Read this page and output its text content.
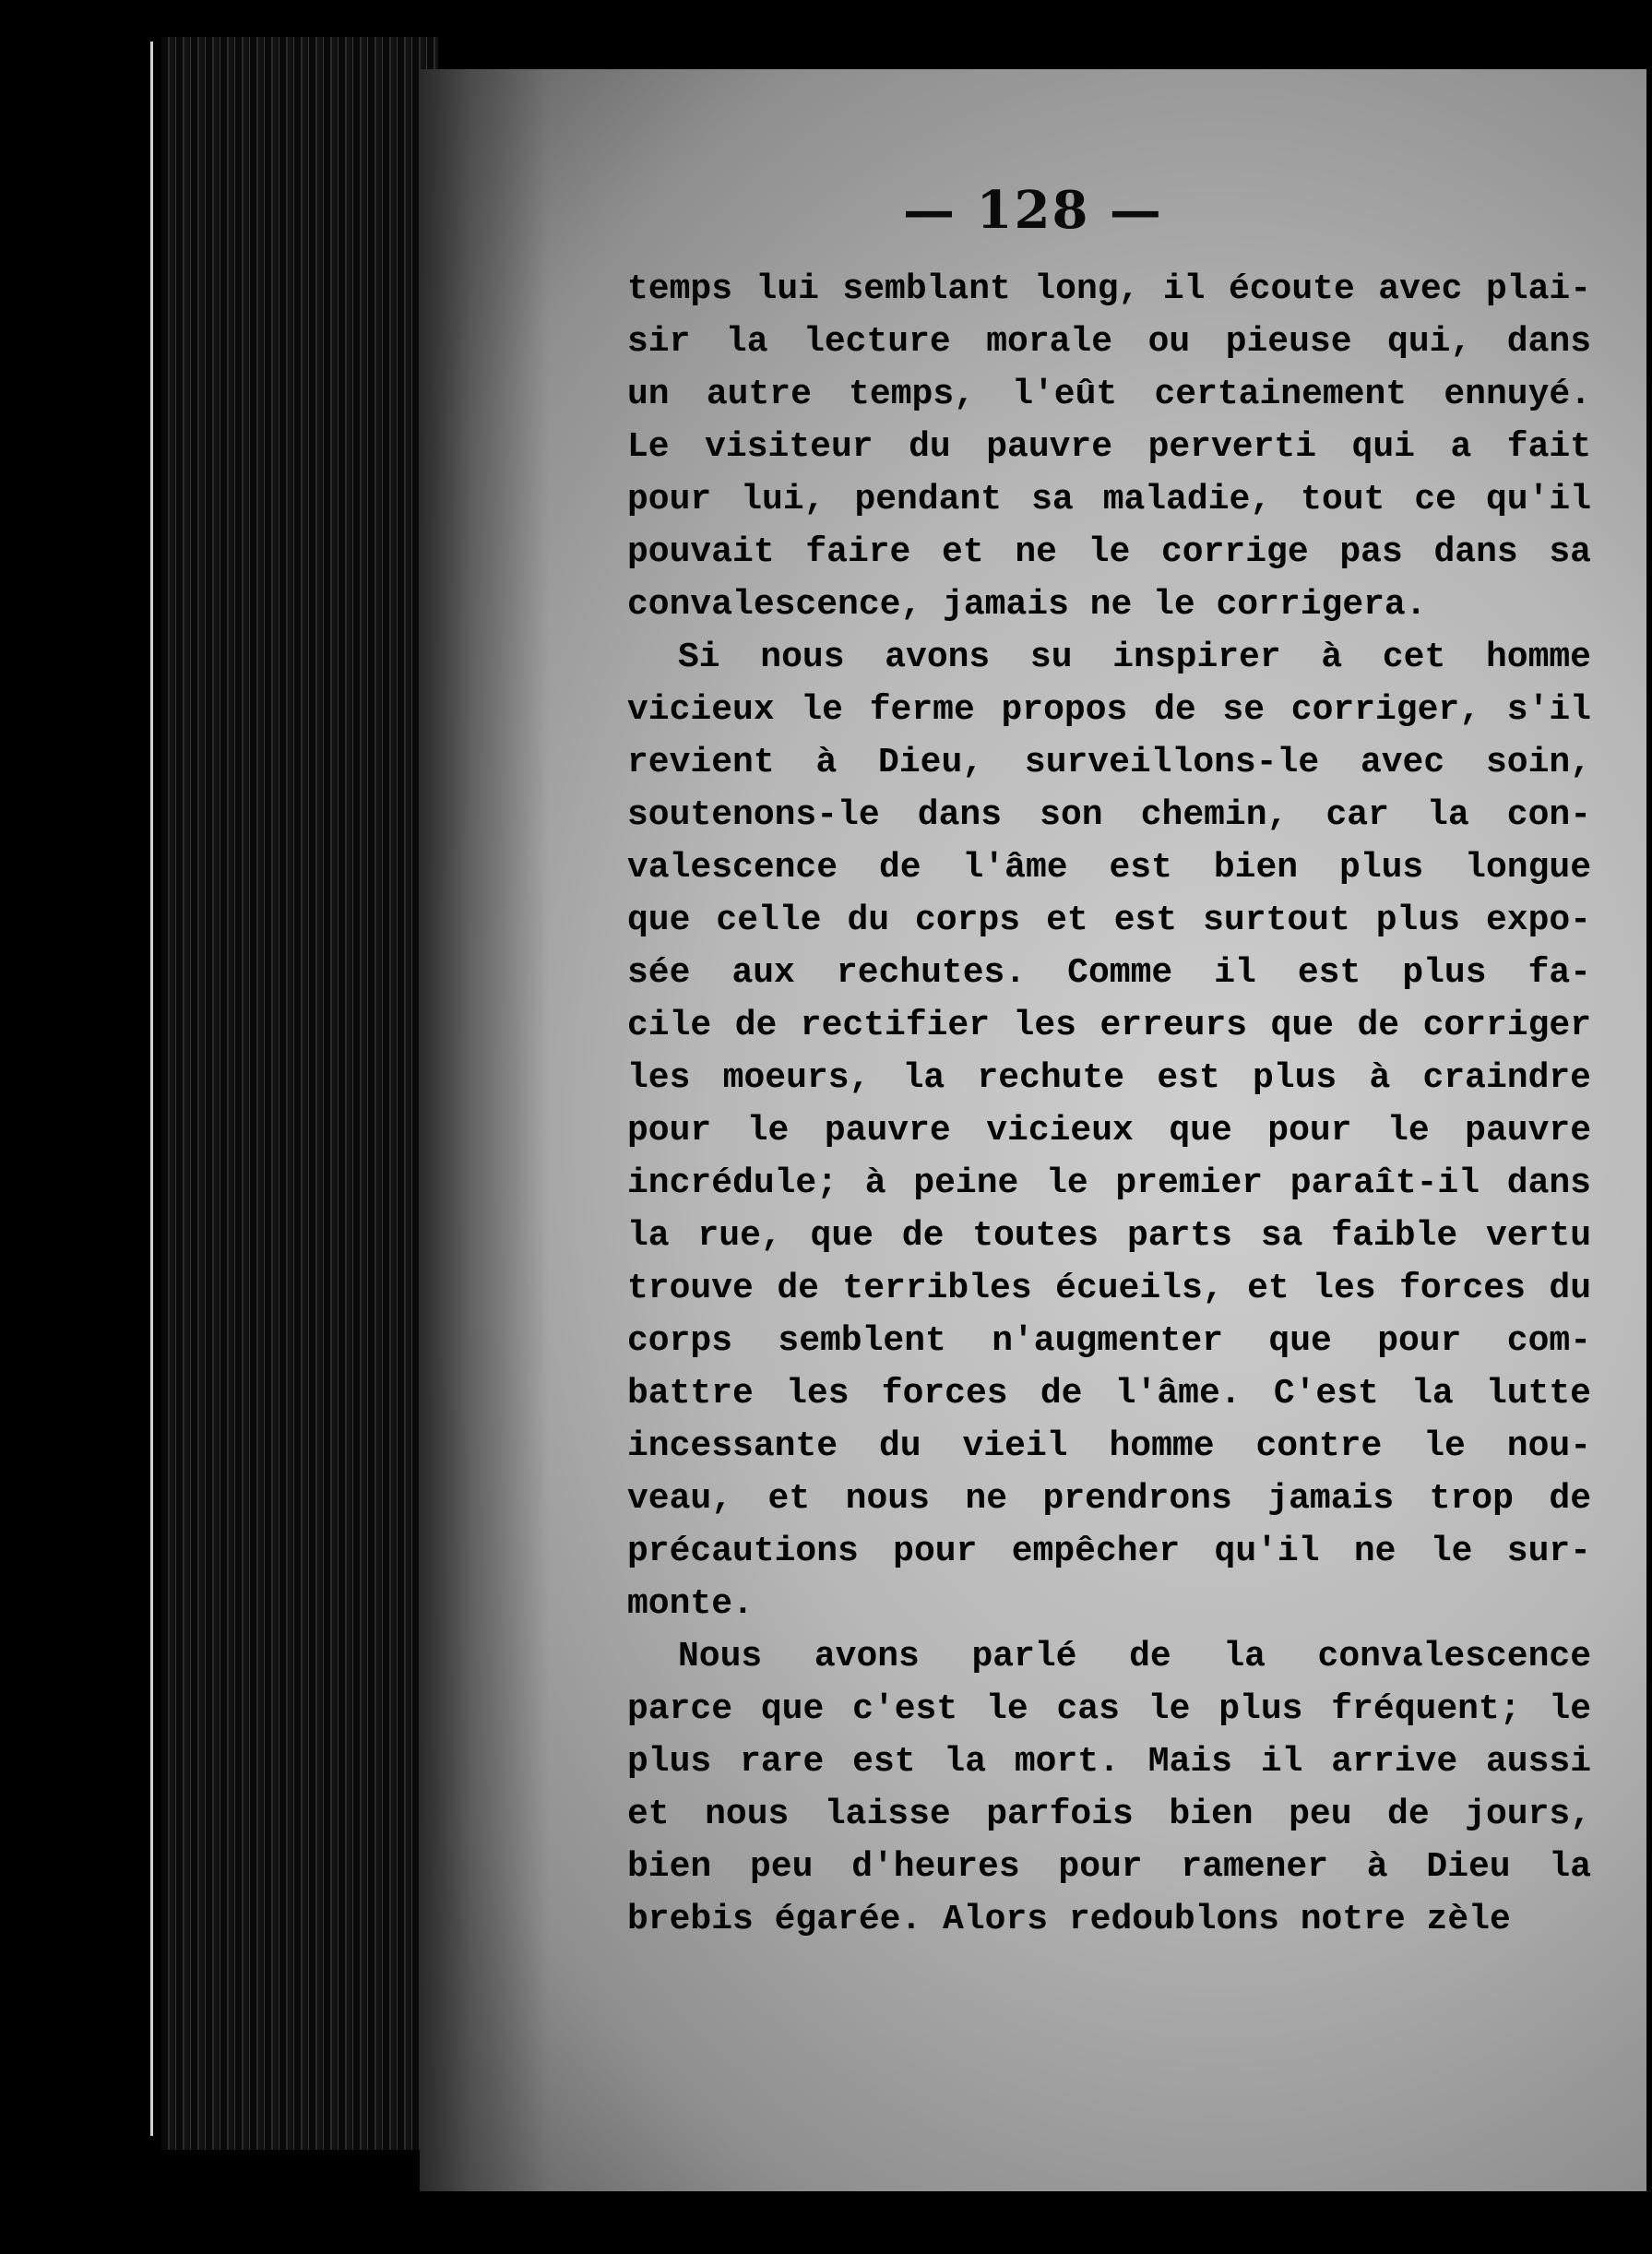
— 128 —
temps lui semblant long, il écoute avec plai-
sir la lecture morale ou pieuse qui, dans
un autre temps, l'eût certainement ennuyé.
Le visiteur du pauvre perverti qui a fait
pour lui, pendant sa maladie, tout ce qu'il
pouvait faire et ne le corrige pas dans sa
convalescence, jamais ne le corrigera.
Si nous avons su inspirer à cet homme
vicieux le ferme propos de se corriger, s'il
revient à Dieu, surveillons-le avec soin,
soutenons-le dans son chemin, car la con-
valescence de l'âme est bien plus longue
que celle du corps et est surtout plus expo-
sée aux rechutes. Comme il est plus fa-
cile de rectifier les erreurs que de corriger
les moeurs, la rechute est plus à craindre
pour le pauvre vicieux que pour le pauvre
incrédule; à peine le premier paraît-il dans
la rue, que de toutes parts sa faible vertu
trouve de terribles écueils, et les forces du
corps semblent n'augmenter que pour com-
battre les forces de l'âme. C'est la lutte
incessante du vieil homme contre le nou-
veau, et nous ne prendrons jamais trop de
précautions pour empêcher qu'il ne le sur-
monte.
Nous avons parlé de la convalescence
parce que c'est le cas le plus fréquent; le
plus rare est la mort. Mais il arrive aussi
et nous laisse parfois bien peu de jours,
bien peu d'heures pour ramener à Dieu la
brebis égarée. Alors redoublons notre zèle
